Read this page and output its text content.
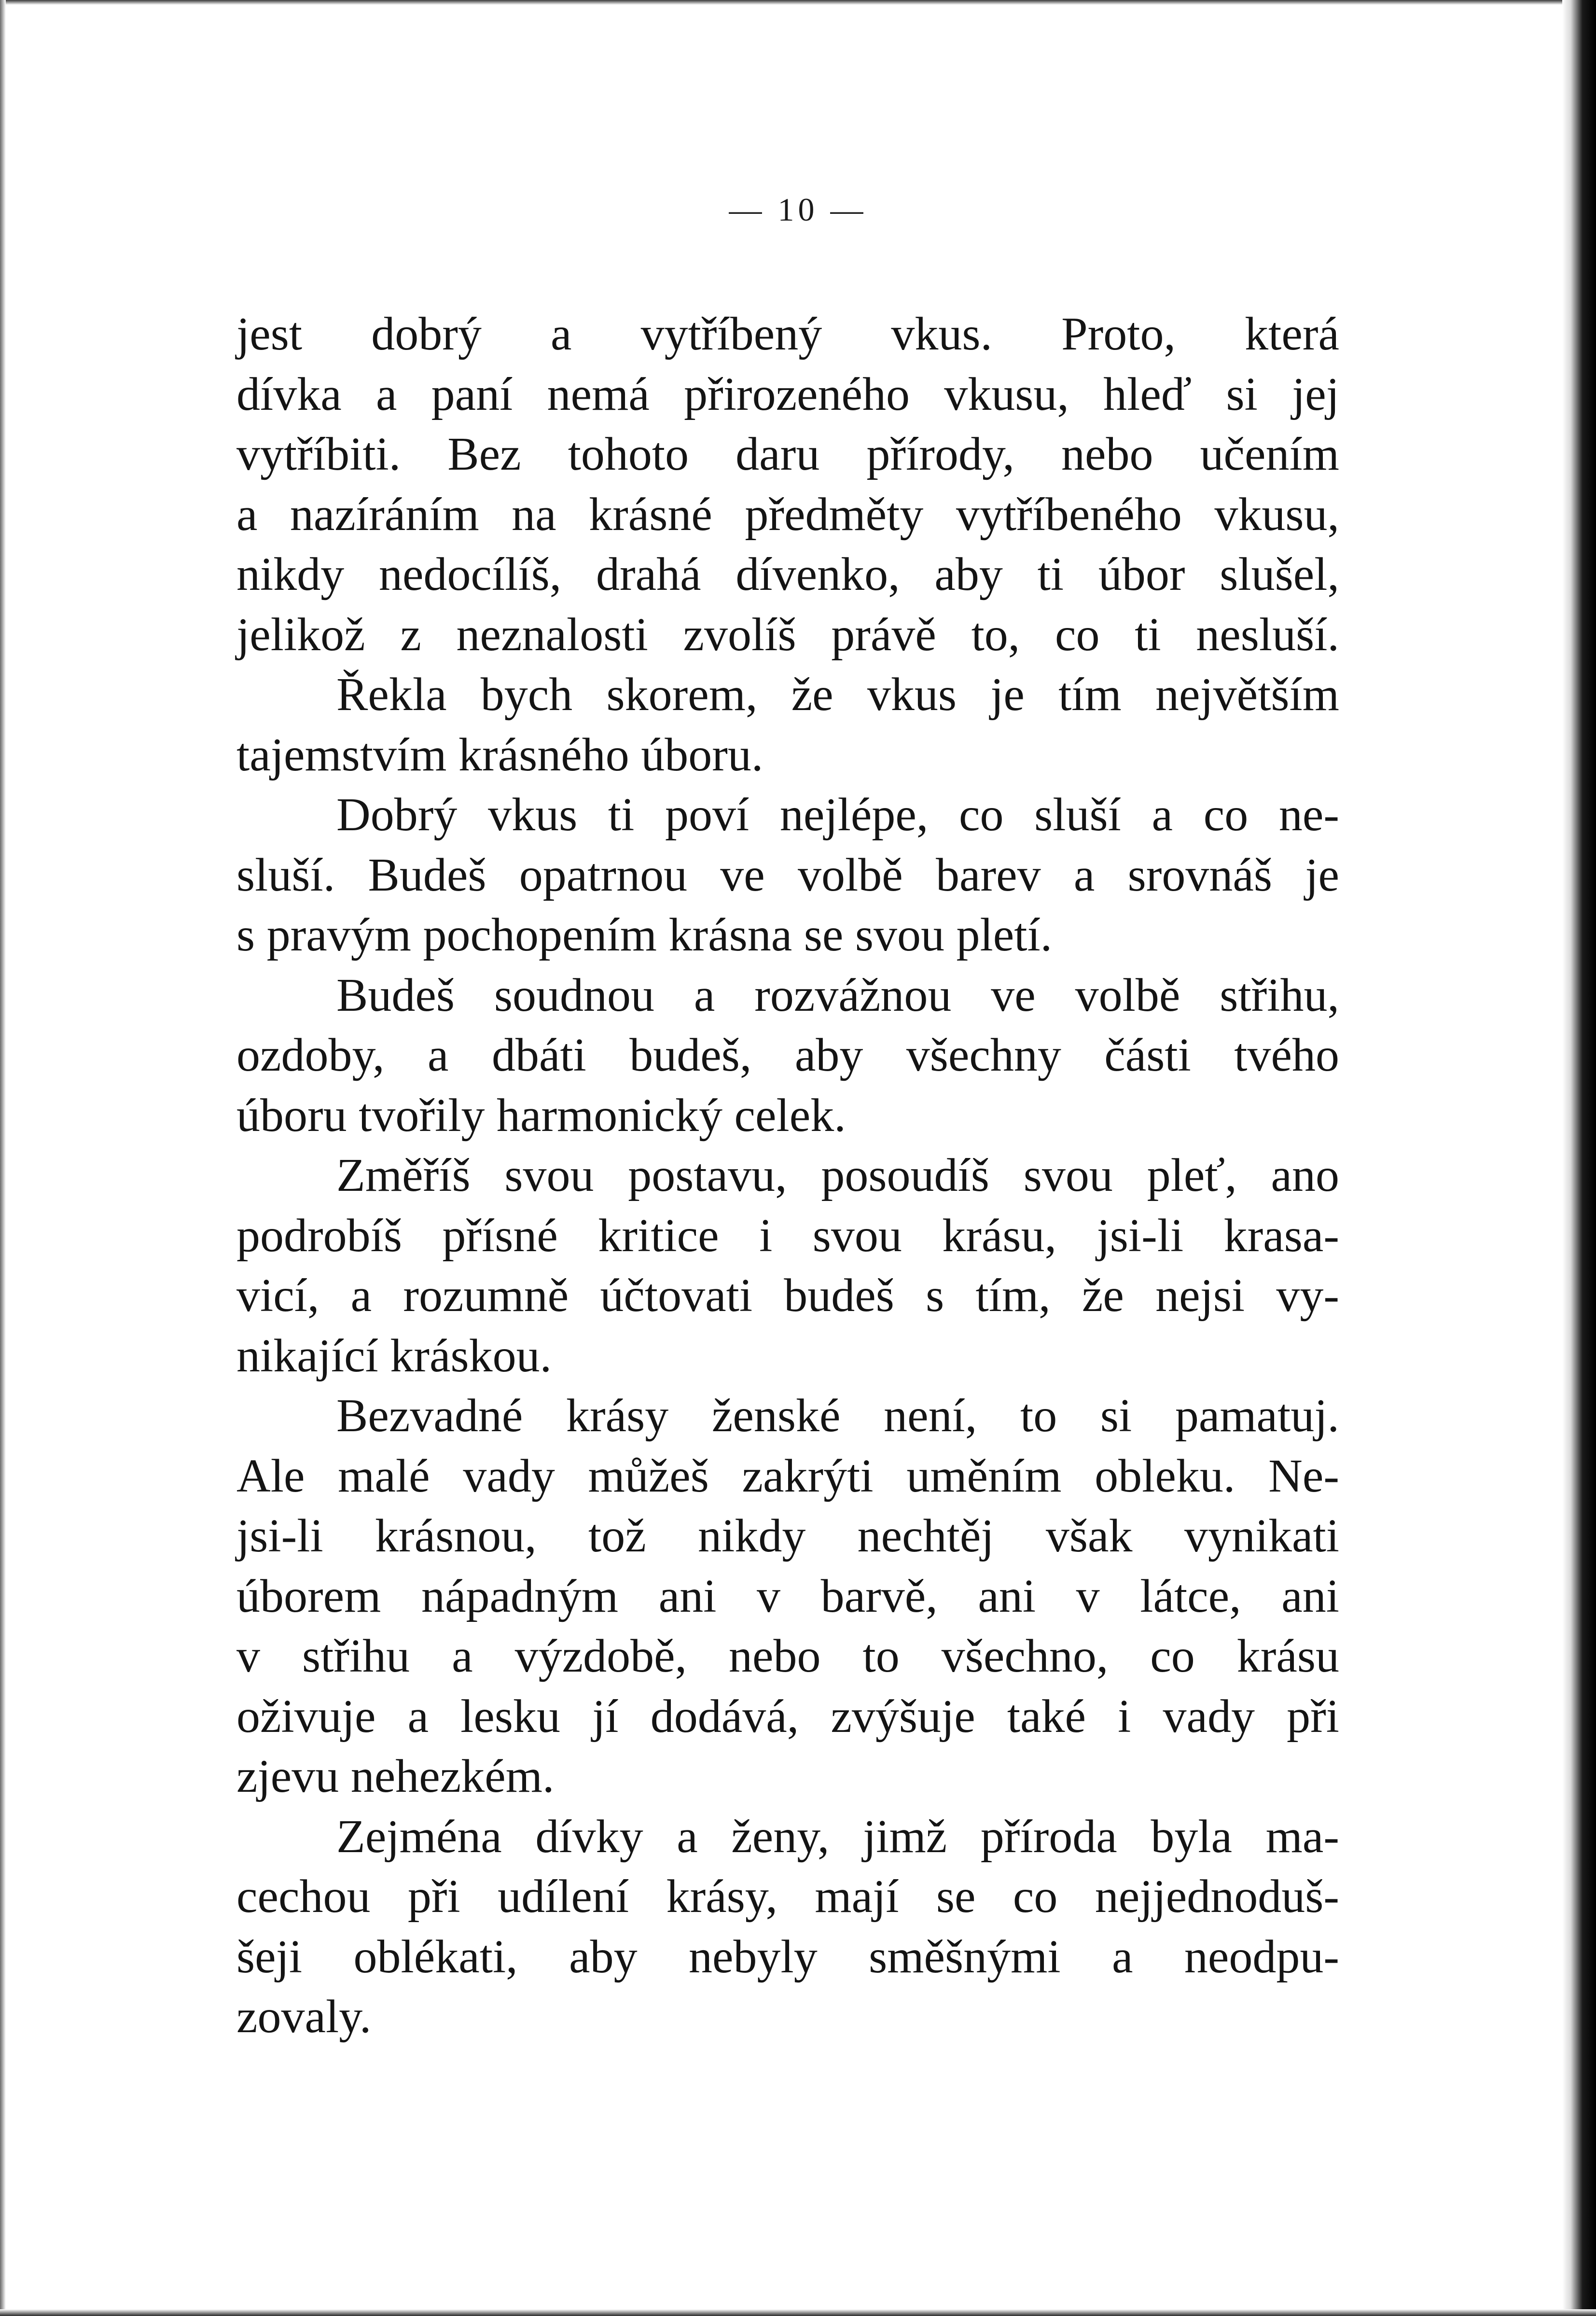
— 10 —
jest dobrý a vytříbený vkus. Proto, která
dívka a paní nemá přirozeného vkusu, hleď si jej
vytříbiti. Bez tohoto daru přírody, nebo učením
a nazíráním na krásné předměty vytříbeného vkusu,
nikdy nedocílíš, drahá dívenko, aby ti úbor slušel,
jelikož z neznalosti zvolíš právě to, co ti nesluší.
Řekla bych skorem, že vkus je tím největším
tajemstvím krásného úboru.
Dobrý vkus ti poví nejlépe, co sluší a co ne-
sluší. Budeš opatrnou ve volbě barev a srovnáš je
s pravým pochopením krásna se svou pletí.
Budeš soudnou a rozvážnou ve volbě střihu,
ozdoby, a dbáti budeš, aby všechny části tvého
úboru tvořily harmonický celek.
Změříš svou postavu, posoudíš svou pleť, ano
podrobíš přísné kritice i svou krásu, jsi-li krasa-
vicí, a rozumně účtovati budeš s tím, že nejsi vy-
nikající kráskou.
Bezvadné krásy ženské není, to si pamatuj.
Ale malé vady můžeš zakrýti uměním obleku. Ne-
jsi-li krásnou, tož nikdy nechtěj však vynikati
úborem nápadným ani v barvě, ani v látce, ani
v střihu a výzdobě, nebo to všechno, co krásu
oživuje a lesku jí dodává, zvýšuje také i vady při
zjevu nehezkém.
Zejména dívky a ženy, jimž příroda byla ma-
cechou při udílení krásy, mají se co nejjednoduš-
šeji oblékati, aby nebyly směšnými a neodpu-
zovaly.
